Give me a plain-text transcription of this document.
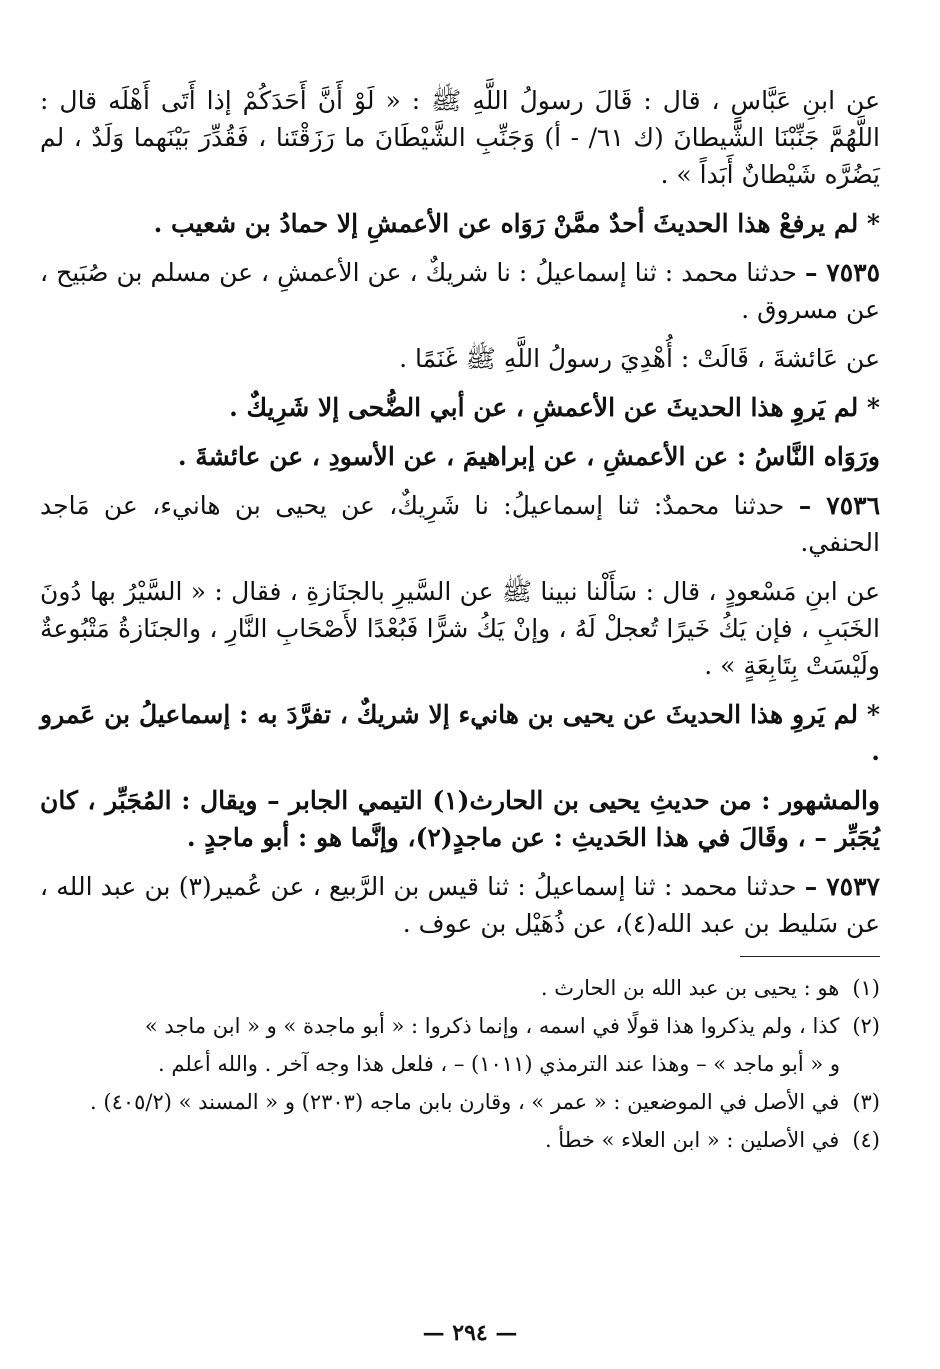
عن ابنِ عَبَّاسٍ ، قال : قَالَ رسولُ اللَّهِ ﷺ : « لَوْ أَنَّ أَحَدَكُمْ إذا أَتَى أَهْلَه قال : اللَّهُمَّ جَنِّبْنَا الشَّيطانَ (ك ٦١/ - أ) وَجَنِّبِ الشَّيْطَانَ ما رَزَقْتَنا ، فَقُدِّرَ بَيْنَهما وَلَدٌ ، لم يَضُرَّه شَيْطانٌ أَبَداً » .

* لم يرفعْ هذا الحديثَ أحدٌ ممَّنْ رَوَاه عن الأعمشِ إلا حمادُ بن شعيب .

٧٥٣٥ – حدثنا محمد : ثنا إسماعيلُ : نا شريكٌ ، عن الأعمشِ ، عن مسلم بن صُبَيح ، عن مسروق .

عن عَائشةَ ، قَالَتْ : أُهْدِيَ رسولُ اللَّهِ ﷺ غَنَمًا .

* لم يَروِ هذا الحديثَ عن الأعمشِ ، عن أبي الضُّحى إلا شَرِيكٌ .

ورَوَاه النَّاسُ : عن الأعمشِ ، عن إبراهيمَ ، عن الأسودِ ، عن عائشةَ .

٧٥٣٦ – حدثنا محمدٌ: ثنا إسماعيلُ: نا شَرِيكٌ، عن يحيى بن هانيء، عن مَاجد الحنفي.

عن ابنِ مَسْعودٍ ، قال : سَأَلْنا نبينا ﷺ عن السَّيرِ بالجنَازةِ ، فقال : « السَّيْرُ بها دُونَ الخَبَبِ ، فإن يَكُ خَيرًا تُعجلْ لَهُ ، وإنْ يَكُ شرًّا فَبُعْدًا لأَصْحَابِ النَّارِ ، والجنَازةُ مَتْبُوعةٌ ولَيْسَتْ بِتَابِعَةٍ » .

* لم يَروِ هذا الحديثَ عن يحيى بن هانيء إلا شريكٌ ، تفرَّدَ به : إسماعيلُ بن عَمرو .

والمشهور : من حديثِ يحيى بن الحارث(١) التيمي الجابر – ويقال : المُجَبِّر ، كان يُجَبِّر – ، وقَالَ في هذا الحَديثِ : عن ماجدٍ(٢)، وإنَّما هو : أبو ماجدٍ .

٧٥٣٧ – حدثنا محمد : ثنا إسماعيلُ : ثنا قيس بن الرَّبيع ، عن عُمير(٣) بن عبد الله ، عن سَليط بن عبد الله(٤)، عن ذُهَيْل بن عوف .

(١) هو : يحيى بن عبد الله بن الحارث .

(٢) كذا ، ولم يذكروا هذا قولًا في اسمه ، وإنما ذكروا : « أبو ماجدة » و « ابن ماجد »

و « أبو ماجد » – وهذا عند الترمذي (١٠١١) – ، فلعل هذا وجه آخر . والله أعلم .

(٣) في الأصل في الموضعين : « عمر » ، وقارن بابن ماجه (٢٣٠٣) و « المسند » (٤٠٥/٢) .

(٤) في الأصلين : « ابن العلاء » خطأ .

— ٢٩٤ —
